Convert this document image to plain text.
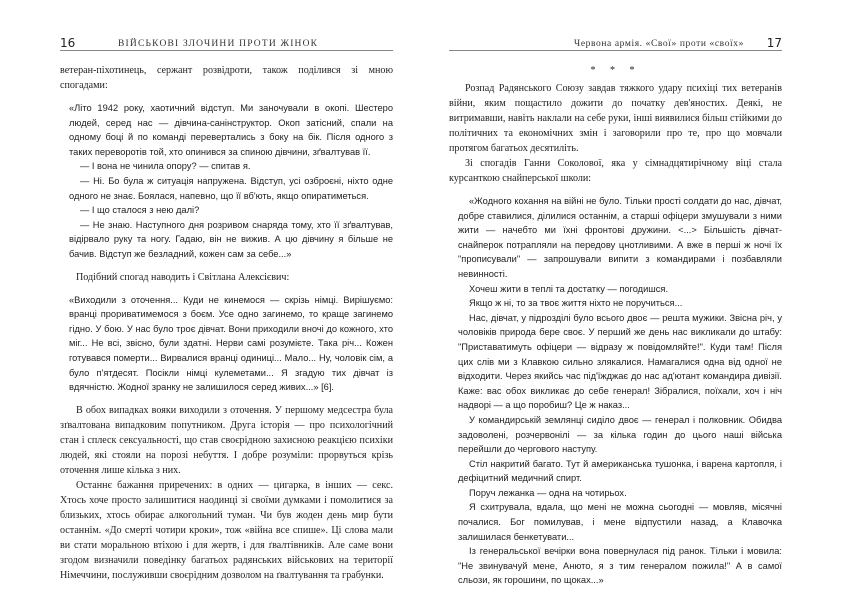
16	ВІЙСЬКОВІ ЗЛОЧИНИ ПРОТИ ЖІНОК

ветеран-піхотинець, сержант розвідроти, також поділився зі мною спогадами:

«Літо 1942 року, хаотичний відступ. Ми заночували в окопі. Шестеро людей, серед нас — дівчина-санінструктор. Окоп затісний, спали на одному боці й по команді перевертались з боку на бік. Після одного з таких переворотів той, хто опинився за спиною дівчини, зґвалтував її.

— І вона не чинила опору? — спитав я.

— Ні. Бо була ж ситуація напружена. Відступ, усі озброєні, ніхто одне одного не знає. Боялася, напевно, що її вб'ють, якщо опиратиметься.

— І що сталося з нею далі?

— Не знаю. Наступного дня розривом снаряда тому, хто її зґвалтував, відірвало руку та ногу. Гадаю, він не вижив. А цю дівчину я більше не бачив. Відступ же безладний, кожен сам за себе...»

Подібний спогад наводить і Світлана Алексієвич:

«Виходили з оточення... Куди не кинемося — скрізь німці. Вирішуємо: вранці прориватимемося з боєм. Усе одно загинемо, то краще загинемо гідно. У бою. У нас було троє дівчат. Вони приходили вночі до кожного, хто міг... Не всі, звісно, були здатні. Нерви самі розумієте. Така річ... Кожен готувався померти... Вирвалися вранці одиниці... Мало... Ну, чоловік сім, а було п'ятдесят. Посікли німці кулеметами... Я згадую тих дівчат із вдячністю. Жодної зранку не залишилося серед живих...» [6].

В обох випадках вояки виходили з оточення. У першому медсестра була зґвалтована випадковим попутником. Друга історія — про психологічний стан і сплеск сексуальності, що став своєрідною захисною реакцією психіки людей, які стояли на порозі небуття. І добре розуміли: прорвуться крізь оточення лише кілька з них.

Останнє бажання приречених: в одних — цигарка, в інших — секс. Хтось хоче просто залишитися наодинці зі своїми думками і помолитися за близьких, хтось обирає алкогольний туман. Чи був жоден день мир бути останнім. «До смерті чотири кроки», тож «війна все спише». Ці слова мали ви стати моральною втіхою і для жертв, і для ґвалтівників. Але саме вони згодом визначили поведінку багатьох радянських військових на території Німеччини, послуживши своєрідним дозволом на ґвалтування та грабунки.

Червона армія. «Свої» проти «своїх» 17
* * *

Розпад Радянського Союзу завдав тяжкого удару психіці тих ветеранів війни, яким пощастило дожити до початку дев'яностих. Деякі, не витримавши, навіть наклали на себе руки, інші виявилися більш стійкими до політичних та економічних змін і заговорили про те, про що мовчали протягом багатьох десятиліть.

Зі спогадів Ганни Соколової, яка у сімнадцятирічному віці стала курсанткою снайперської школи:

«Жодного кохання на війні не було. Тільки прості солдати до нас, дівчат, добре ставилися, ділилися останнім, а старші офіцери змушували з ними жити — начебто ми їхні фронтові дружини. <...> Більшість дівчат-снайперок потрапляли на передову цнотливими. А вже в перші ж ночі їх "прописували" — запрошували випити з командирами і позбавляли невинності.

Хочеш жити в теплі та достатку — погодишся.

Якщо ж ні, то за твоє життя ніхто не поручиться...

Нас, дівчат, у підрозділі було всього двоє — решта мужики. Звісна річ, у чоловіків природа бере своє. У перший же день нас викликали до штабу: "Приставатимуть офіцери — відразу ж повідомляйте!". Куди там! Після цих слів ми з Клавкою сильно злякалися. Намагалися одна від одної не відходити. Через якийсь час під'їжджає до нас ад'ютант командира дивізії. Каже: вас обох викликає до себе генерал! Зібралися, поїхали, хоч і ніч надворі — а що поробиш? Це ж наказ...

У командирській землянці сиділо двоє — генерал і полковник. Обидва задоволені, розчервонілі — за кілька годин до цього наші війська перейшли до чергового наступу.

Стіл накритий багато. Тут й американська тушонка, і варена картопля, і дефіцитний медичний спирт.

Поруч лежанка — одна на чотирьох.

Я схитрувала, вдала, що мені не можна сьогодні — мовляв, місячні почалися. Бог помилував, і мене відпустили назад, а Клавочка залишилася бенкетувати...

Із генеральської вечірки вона повернулася під ранок. Тільки і мовила: "Не звинувачуй мене, Анюто, я з тим генералом пожила!" А в самої сльози, як горошини, по щоках...»
